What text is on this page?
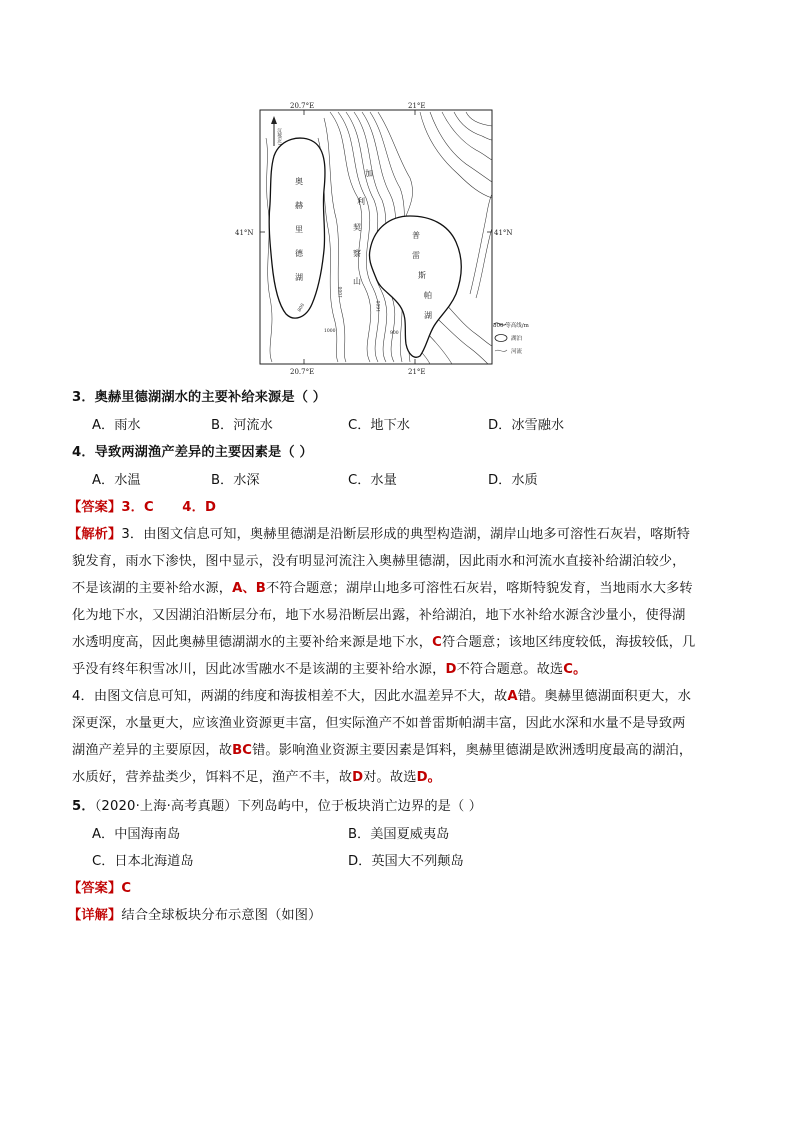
20.7°E	21°E
20.7°E	21°E
41°N	41°N
汉城(北)
奥
赫
里
德
湖
普
雷
斯
帕
湖
加
利
契
察
山
800
1000
1600
900
1000
800 等高线/m
湖泊
河流
3．奥赫里德湖湖水的主要补给来源是（ ）
A．雨水	B．河流水	C．地下水	D．冰雪融水
4．导致两湖渔产差异的主要因素是（ ）
A．水温	B．水深	C．水量	D．水质
【答案】3．C      4．D
【解析】3．由图文信息可知，奥赫里德湖是沿断层形成的典型构造湖，湖岸山地多可溶性石灰岩，喀斯特
貌发育，雨水下渗快，图中显示，没有明显河流注入奥赫里德湖，因此雨水和河流水直接补给湖泊较少，
不是该湖的主要补给水源，A、B不符合题意；湖岸山地多可溶性石灰岩，喀斯特貌发育，当地雨水大多转
化为地下水，又因湖泊沿断层分布，地下水易沿断层出露，补给湖泊，地下水补给水源含沙量小，使得湖
水透明度高，因此奥赫里德湖湖水的主要补给来源是地下水，C符合题意；该地区纬度较低，海拔较低，几
乎没有终年积雪冰川，因此冰雪融水不是该湖的主要补给水源，D不符合题意。故选C。
4．由图文信息可知，两湖的纬度和海拔相差不大，因此水温差异不大，故A错。奥赫里德湖面积更大，水
深更深，水量更大，应该渔业资源更丰富，但实际渔产不如普雷斯帕湖丰富，因此水深和水量不是导致两
湖渔产差异的主要原因，故BC错。影响渔业资源主要因素是饵料，奥赫里德湖是欧洲透明度最高的湖泊，
水质好，营养盐类少，饵料不足，渔产不丰，故D对。故选D。
5．（2020·上海·高考真题）下列岛屿中，位于板块消亡边界的是（ ）
A．中国海南岛	B．美国夏威夷岛
C．日本北海道岛	D．英国大不列颠岛
【答案】C
【详解】结合全球板块分布示意图（如图）
